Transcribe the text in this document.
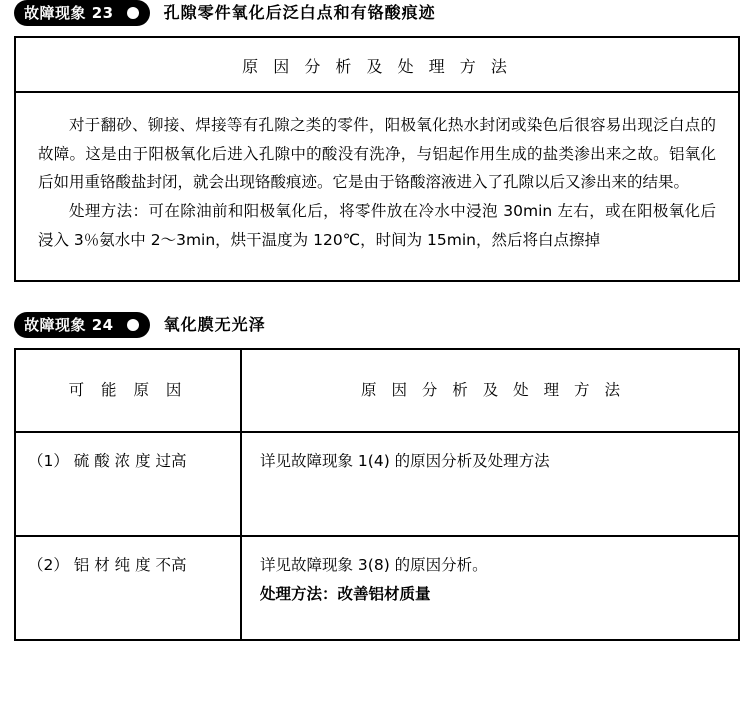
故障现象 23	孔隙零件氧化后泛白点和有铬酸痕迹
原 因 分 析 及 处 理 方 法

对于翻砂、铆接、焊接等有孔隙之类的零件，阳极氧化热水封闭或染色后很容易出现泛白点的故障。这是由于阳极氧化后进入孔隙中的酸没有洗净，与铝起作用生成的盐类渗出来之故。铝氧化后如用重铬酸盐封闭，就会出现铬酸痕迹。它是由于铬酸溶液进入了孔隙以后又渗出来的结果。

处理方法：可在除油前和阳极氧化后，将零件放在冷水中浸泡 30min 左右，或在阳极氧化后浸入 3％氨水中 2～3min，烘干温度为 120℃，时间为 15min，然后将白点擦掉

故障现象 24	氧化膜无光泽
可 能 原 因	原 因 分 析 及 处 理 方 法

（1） 硫 酸 浓 度 过高	详见故障现象 1(4) 的原因分析及处理方法

（2） 铝 材 纯 度 不高	详见故障现象 3(8) 的原因分析。
处理方法：改善铝材质量
